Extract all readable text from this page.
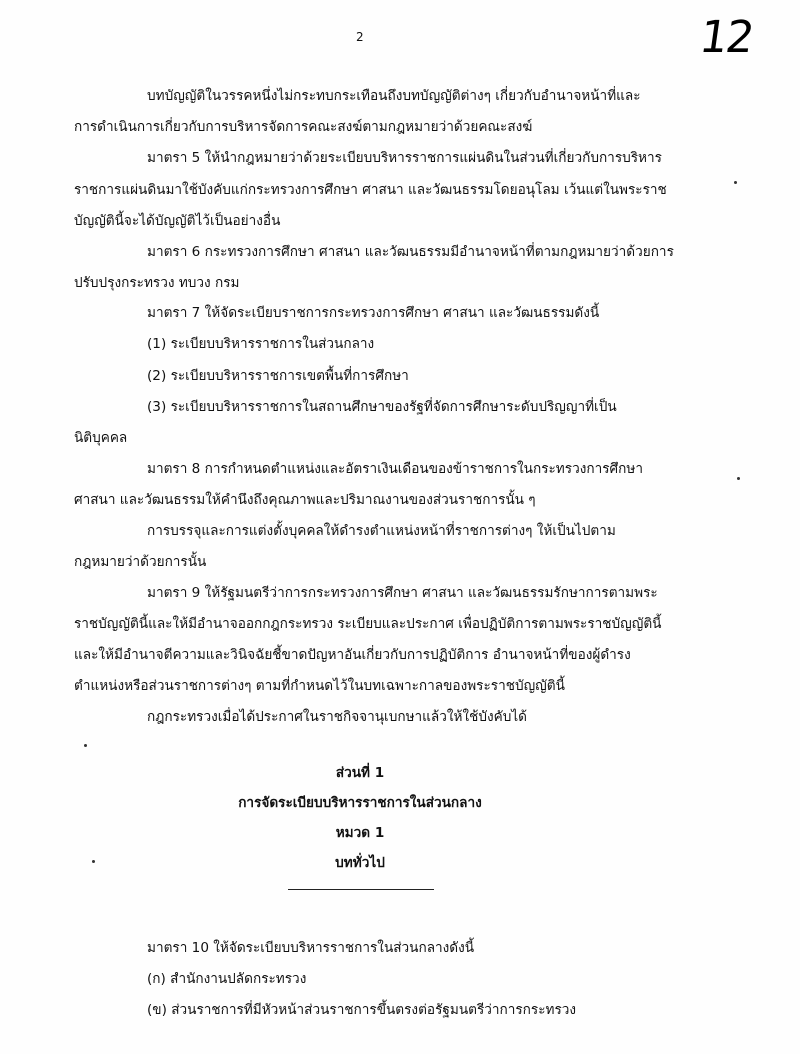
2	12
บทบัญญัติในวรรคหนึ่งไม่กระทบกระเทือนถึงบทบัญญัติต่างๆ เกี่ยวกับอำนาจหน้าที่และ
การดำเนินการเกี่ยวกับการบริหารจัดการคณะสงฆ์ตามกฎหมายว่าด้วยคณะสงฆ์
มาตรา 5 ให้นำกฎหมายว่าด้วยระเบียบบริหารราชการแผ่นดินในส่วนที่เกี่ยวกับการบริหาร
ราชการแผ่นดินมาใช้บังคับแก่กระทรวงการศึกษา ศาสนา และวัฒนธรรมโดยอนุโลม เว้นแต่ในพระราช
บัญญัตินี้จะได้บัญญัติไว้เป็นอย่างอื่น
มาตรา 6 กระทรวงการศึกษา ศาสนา และวัฒนธรรมมีอำนาจหน้าที่ตามกฎหมายว่าด้วยการ
ปรับปรุงกระทรวง ทบวง กรม
มาตรา 7 ให้จัดระเบียบราชการกระทรวงการศึกษา ศาสนา และวัฒนธรรมดังนี้
(1) ระเบียบบริหารราชการในส่วนกลาง
(2) ระเบียบบริหารราชการเขตพื้นที่การศึกษา
(3) ระเบียบบริหารราชการในสถานศึกษาของรัฐที่จัดการศึกษาระดับปริญญาที่เป็น
นิติบุคคล
มาตรา 8 การกำหนดตำแหน่งและอัตราเงินเดือนของข้าราชการในกระทรวงการศึกษา
ศาสนา และวัฒนธรรมให้คำนึงถึงคุณภาพและปริมาณงานของส่วนราชการนั้น ๆ
การบรรจุและการแต่งตั้งบุคคลให้ดำรงตำแหน่งหน้าที่ราชการต่างๆ ให้เป็นไปตาม
กฎหมายว่าด้วยการนั้น
มาตรา 9 ให้รัฐมนตรีว่าการกระทรวงการศึกษา ศาสนา และวัฒนธรรมรักษาการตามพระ
ราชบัญญัตินี้และให้มีอำนาจออกกฎกระทรวง ระเบียบและประกาศ เพื่อปฏิบัติการตามพระราชบัญญัตินี้
และให้มีอำนาจตีความและวินิจฉัยชี้ขาดปัญหาอันเกี่ยวกับการปฏิบัติการ อำนาจหน้าที่ของผู้ดำรง
ตำแหน่งหรือส่วนราชการต่างๆ ตามที่กำหนดไว้ในบทเฉพาะกาลของพระราชบัญญัตินี้
กฎกระทรวงเมื่อได้ประกาศในราชกิจจานุเบกษาแล้วให้ใช้บังคับได้
ส่วนที่ 1
การจัดระเบียบบริหารราชการในส่วนกลาง
หมวด 1
บททั่วไป
มาตรา 10 ให้จัดระเบียบบริหารราชการในส่วนกลางดังนี้
(ก) สำนักงานปลัดกระทรวง
(ข) ส่วนราชการที่มีหัวหน้าส่วนราชการขึ้นตรงต่อรัฐมนตรีว่าการกระทรวง
